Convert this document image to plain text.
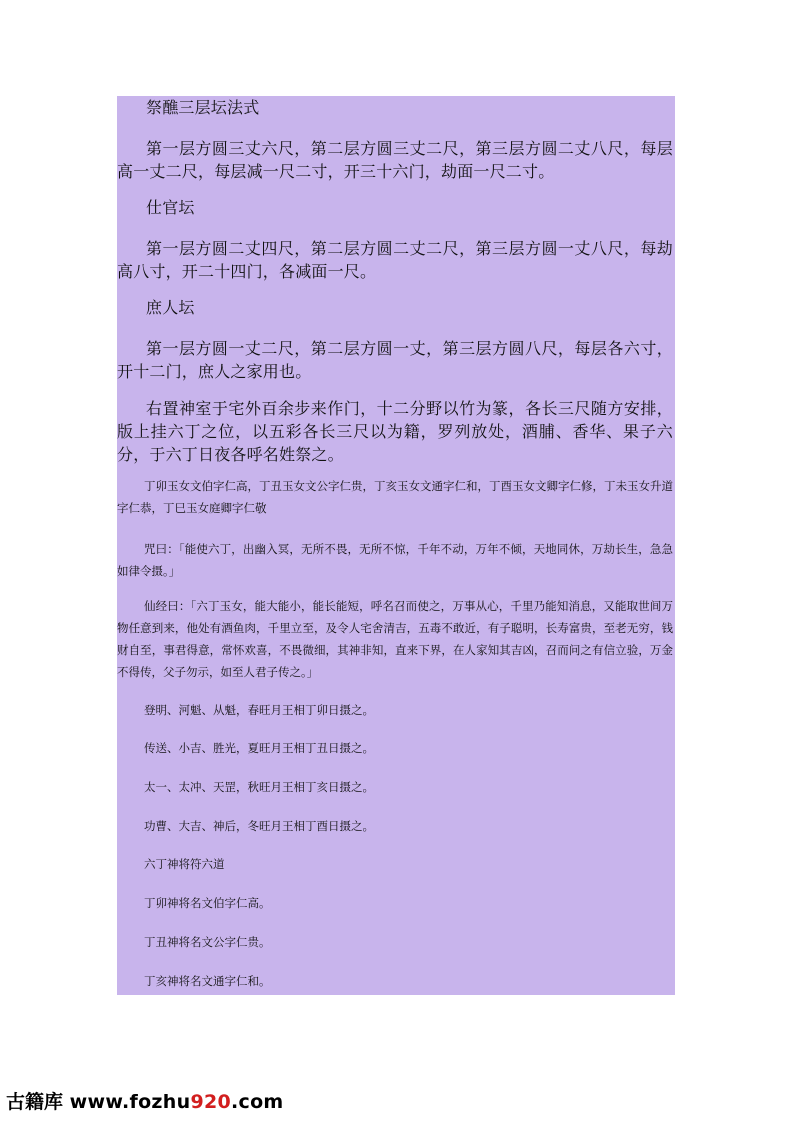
祭醮三层坛法式

第一层方圆三丈六尺，第二层方圆三丈二尺，第三层方圆二丈八尺，每层高一丈二尺，每层减一尺二寸，开三十六门，劫面一尺二寸。

仕官坛

第一层方圆二丈四尺，第二层方圆二丈二尺，第三层方圆一丈八尺，每劫高八寸，开二十四门，各减面一尺。

庶人坛

第一层方圆一丈二尺，第二层方圆一丈，第三层方圆八尺，每层各六寸，开十二门，庶人之家用也。

右置神室于宅外百余步来作门，十二分野以竹为篆，各长三尺随方安排，版上挂六丁之位，以五彩各长三尺以为籍，罗列放处，酒脯、香华、果子六分，于六丁日夜各呼名姓祭之。

丁卯玉女文伯字仁高，丁丑玉女文公字仁贵，丁亥玉女文通字仁和，丁酉玉女文卿字仁修，丁未玉女升道字仁恭，丁巳玉女庭卿字仁敬

咒曰：「能使六丁，出幽入冥，无所不畏，无所不惊，千年不动，万年不倾，天地同休，万劫长生，急急如律令摄。」

仙经曰：「六丁玉女，能大能小，能长能短，呼名召而使之，万事从心，千里乃能知消息，又能取世间万物任意到来，他处有酒鱼肉，千里立至，及令人宅舍清吉，五毒不敢近，有子聪明，长寿富贵，至老无穷，钱财自至，事君得意，常怀欢喜，不畏微细，其神非知，直来下界，在人家知其吉凶，召而问之有信立验，万金不得传，父子勿示，如至人君子传之。」

登明、河魁、从魁，春旺月王相丁卯日摄之。

传送、小吉、胜光，夏旺月王相丁丑日摄之。

太一、太冲、天罡，秋旺月王相丁亥日摄之。

功曹、大吉、神后，冬旺月王相丁酉日摄之。

六丁神将符六道

丁卯神将名文伯字仁高。

丁丑神将名文公字仁贵。

丁亥神将名文通字仁和。

古籍库 www.fozhu920.com
